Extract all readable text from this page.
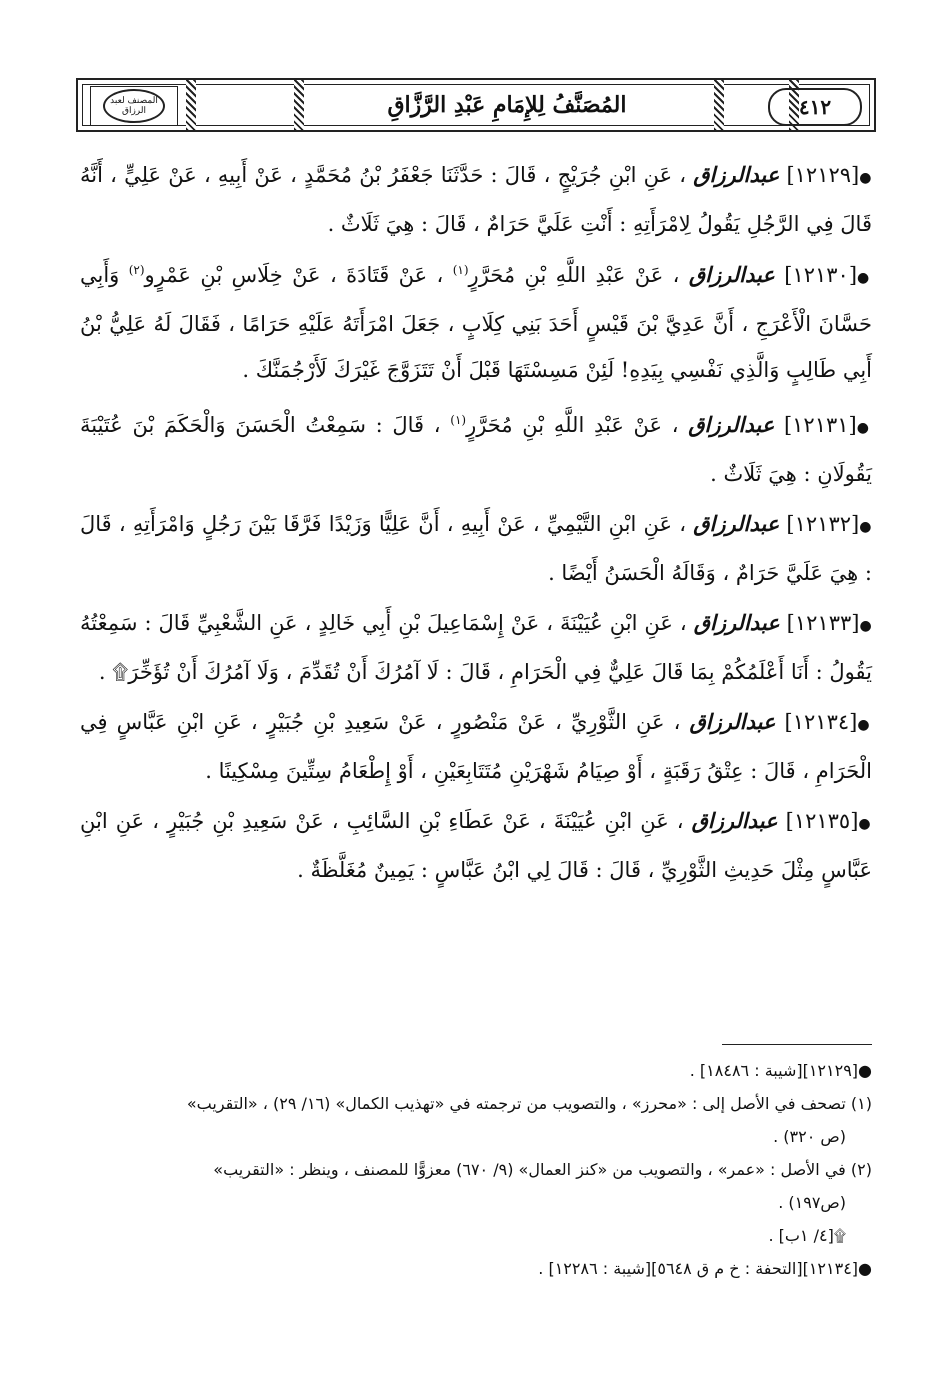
المصنف لعبد الرزاق	المُصَنَّفُ لِلإِمَامِ عَبْدِ الرَّزَّاقِ	٤١٢

●[١٢١٢٩] عبدالرزاق ، عَنِ ابْنِ جُرَيْجٍ ، قَالَ : حَدَّثَنَا جَعْفَرُ بْنُ مُحَمَّدٍ ، عَنْ أَبِيهِ ، عَنْ عَلِيٍّ ، أَنَّهُ قَالَ فِي الرَّجُلِ يَقُولُ لِامْرَأَتِهِ : أَنْتِ عَلَيَّ حَرَامٌ ، قَالَ : هِيَ ثَلَاثٌ .

●[١٢١٣٠] عبدالرزاق ، عَنْ عَبْدِ اللَّهِ بْنِ مُحَرَّرٍ$^{(١)}$ ، عَنْ قَتَادَةَ ، عَنْ خِلَاسِ بْنِ عَمْرٍو$^{(٢)}$ وَأَبِي حَسَّانَ الْأَعْرَجِ ، أَنَّ عَدِيَّ بْنَ قَيْسٍ أَحَدَ بَنِي كِلَابٍ ، جَعَلَ امْرَأَتَهُ عَلَيْهِ حَرَامًا ، فَقَالَ لَهُ عَلِيُّ بْنُ أَبِي طَالِبٍ وَالَّذِي نَفْسِي بِيَدِهِ! لَئِنْ مَسِسْتَهَا قَبْلَ أَنْ تَتَزَوَّجَ غَيْرَكَ لَأَرْجُمَنَّكَ .

●[١٢١٣١] عبدالرزاق ، عَنْ عَبْدِ اللَّهِ بْنِ مُحَرَّرٍ$^{(١)}$ ، قَالَ : سَمِعْتُ الْحَسَنَ وَالْحَكَمَ بْنَ عُتَيْبَةَ يَقُولَانِ : هِيَ ثَلَاثٌ .

●[١٢١٣٢] عبدالرزاق ، عَنِ ابْنِ التَّيْمِيِّ ، عَنْ أَبِيهِ ، أَنَّ عَلِيًّا وَزَيْدًا فَرَّقَا بَيْنَ رَجُلٍ وَامْرَأَتِهِ ، قَالَ : هِيَ عَلَيَّ حَرَامٌ ، وَقَالَهُ الْحَسَنُ أَيْضًا .

●[١٢١٣٣] عبدالرزاق ، عَنِ ابْنِ عُيَيْنَةَ ، عَنْ إِسْمَاعِيلَ بْنِ أَبِي خَالِدٍ ، عَنِ الشَّعْبِيِّ قَالَ : سَمِعْتُهُ يَقُولُ : أَنَا أَعْلَمُكُمْ بِمَا قَالَ عَلِيٌّ فِي الْحَرَامِ ، قَالَ : لَا آمُرُكَ أَنْ تُقَدِّمَ ، وَلَا آمُرُكَ أَنْ تُؤَخِّرَ۩ .

●[١٢١٣٤] عبدالرزاق ، عَنِ الثَّوْرِيِّ ، عَنْ مَنْصُورٍ ، عَنْ سَعِيدِ بْنِ جُبَيْرٍ ، عَنِ ابْنِ عَبَّاسٍ فِي الْحَرَامِ ، قَالَ : عِتْقُ رَقَبَةٍ ، أَوْ صِيَامُ شَهْرَيْنِ مُتَتَابِعَيْنِ ، أَوْ إِطْعَامُ سِتِّينَ مِسْكِينًا .

●[١٢١٣٥] عبدالرزاق ، عَنِ ابْنِ عُيَيْنَةَ ، عَنْ عَطَاءِ بْنِ السَّائِبِ ، عَنْ سَعِيدِ بْنِ جُبَيْرٍ ، عَنِ ابْنِ عَبَّاسٍ مِثْلَ حَدِيثِ الثَّوْرِيِّ ، قَالَ : قَالَ لِي ابْنُ عَبَّاسٍ : يَمِينٌ مُغَلَّظَةٌ .

●[١٢١٢٩][شيبة : ١٨٤٨٦] .

(١) تصحف في الأصل إلى : «محرز» ، والتصويب من ترجمته في «تهذيب الكمال» (١٦/ ٢٩) ، «التقريب»

(ص ٣٢٠) .

(٢) في الأصل : «عمر» ، والتصويب من «كنز العمال» (٩/ ٦٧٠) معزوًّا للمصنف ، وينظر : «التقريب»

(ص١٩٧) .

۩[٤/ ١ب] .

●[١٢١٣٤][التحفة : خ م ق ٥٦٤٨][شيبة : ١٢٢٨٦] .
